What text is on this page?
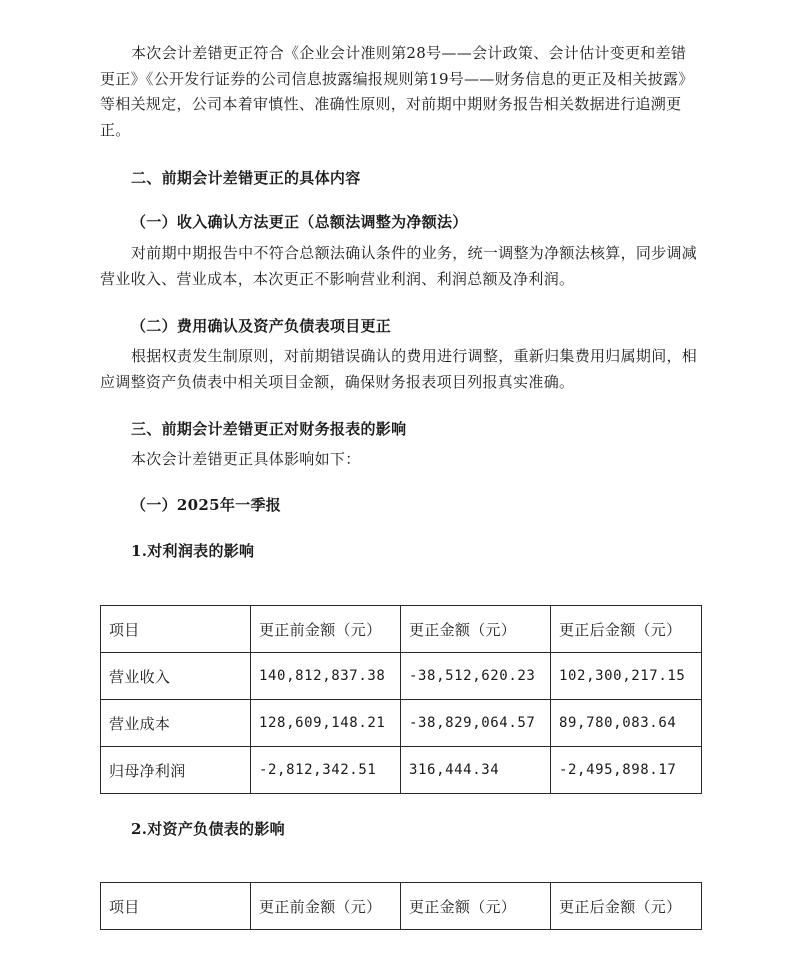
本次会计差错更正符合《企业会计准则第28号——会计政策、会计估计变更和差错更正》《公开发行证券的公司信息披露编报规则第19号——财务信息的更正及相关披露》等相关规定，公司本着审慎性、准确性原则，对前期中期财务报告相关数据进行追溯更正。

二、前期会计差错更正的具体内容
（一）收入确认方法更正（总额法调整为净额法）

对前期中期报告中不符合总额法确认条件的业务，统一调整为净额法核算，同步调减营业收入、营业成本，本次更正不影响营业利润、利润总额及净利润。

（二）费用确认及资产负债表项目更正

根据权责发生制原则，对前期错误确认的费用进行调整，重新归集费用归属期间，相应调整资产负债表中相关项目金额，确保财务报表项目列报真实准确。

三、前期会计差错更正对财务报表的影响

本次会计差错更正具体影响如下：

（一）2025年一季报
1.对利润表的影响
项目	更正前金额（元）	更正金额（元）	更正后金额（元）
营业收入	140,812,837.38	-38,512,620.23	102,300,217.15
营业成本	128,609,148.21	-38,829,064.57	89,780,083.64
归母净利润	-2,812,342.51	316,444.34	-2,495,898.17
2.对资产负债表的影响
项目	更正前金额（元）	更正金额（元）	更正后金额（元）
